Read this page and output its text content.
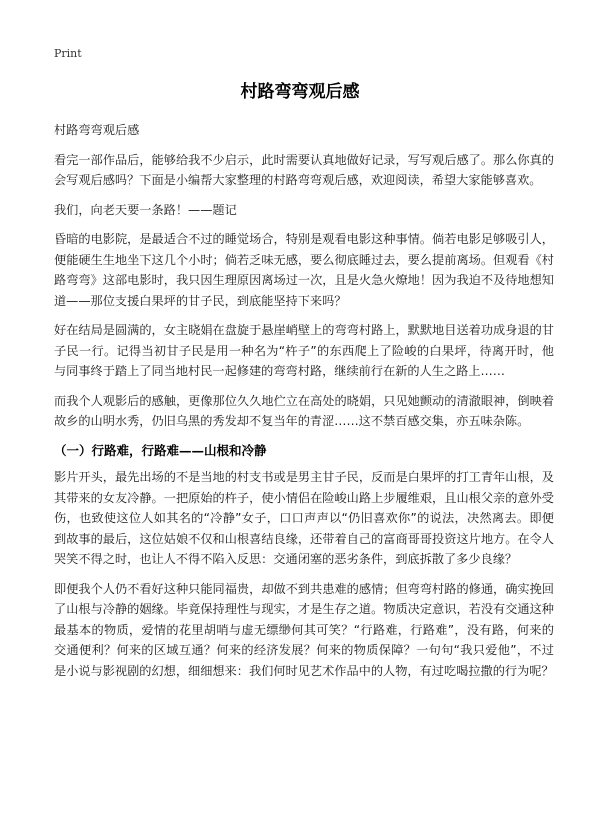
Print
村路弯弯观后感

村路弯弯观后感

看完一部作品后，能够给我不少启示，此时需要认真地做好记录，写写观后感了。那么你真的会写观后感吗？下面是小编帮大家整理的村路弯弯观后感，欢迎阅读，希望大家能够喜欢。

我们，向老天要一条路！——题记

昏暗的电影院，是最适合不过的睡觉场合，特别是观看电影这种事情。倘若电影足够吸引人，便能硬生生地坐下这几个小时；倘若乏味无感，要么彻底睡过去，要么提前离场。但观看《村路弯弯》这部电影时，我只因生理原因离场过一次，且是火急火燎地！因为我迫不及待地想知道——那位支援白果坪的甘子民，到底能坚持下来吗？

好在结局是圆满的，女主晓娟在盘旋于悬崖峭壁上的弯弯村路上，默默地目送着功成身退的甘子民一行。记得当初甘子民是用一种名为“杵子”的东西爬上了险峻的白果坪，待离开时，他与同事终于踏上了同当地村民一起修建的弯弯村路，继续前行在新的人生之路上……

而我个人观影后的感触，更像那位久久地伫立在高处的晓娟，只见她颤动的清澈眼神，倒映着故乡的山明水秀，仍旧乌黑的秀发却不复当年的青涩……这不禁百感交集，亦五味杂陈。

（一）行路难，行路难——山根和冷静

影片开头，最先出场的不是当地的村支书或是男主甘子民，反而是白果坪的打工青年山根，及其带来的女友冷静。一把原始的杵子，使小情侣在险峻山路上步履维艰，且山根父亲的意外受伤，也致使这位人如其名的“冷静”女子，口口声声以“仍旧喜欢你”的说法，决然离去。即便到故事的最后，这位姑娘不仅和山根喜结良缘，还带着自己的富商哥哥投资这片地方。在令人哭笑不得之时，也让人不得不陷入反思：交通闭塞的恶劣条件，到底拆散了多少良缘？

即便我个人仍不看好这种只能同福贵，却做不到共患难的感情；但弯弯村路的修通，确实挽回了山根与冷静的姻缘。毕竟保持理性与现实，才是生存之道。物质决定意识，若没有交通这种最基本的物质，爱情的花里胡哨与虚无缥缈何其可笑？“行路难，行路难”，没有路，何来的交通便利？何来的区域互通？何来的经济发展？何来的物质保障？一句句“我只爱他”，不过是小说与影视剧的幻想，细细想来：我们何时见艺术作品中的人物，有过吃喝拉撒的行为呢？
